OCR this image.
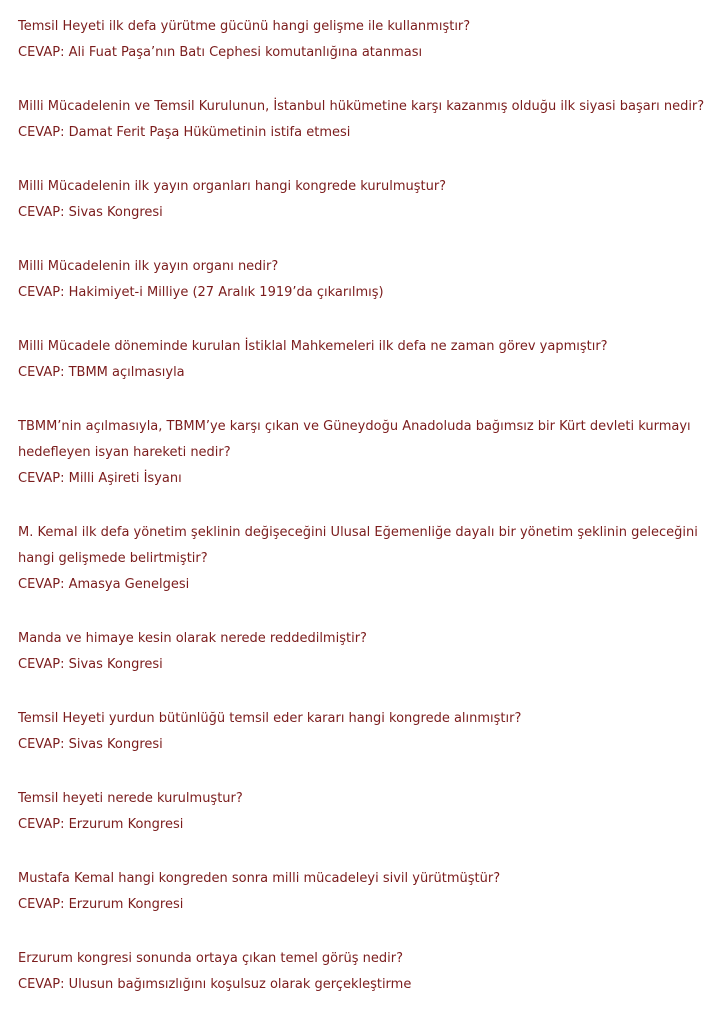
Temsil Heyeti ilk defa yürütme gücünü hangi gelişme ile kullanmıştır?
CEVAP: Ali Fuat Paşa’nın Batı Cephesi komutanlığına atanması
Milli Mücadelenin ve Temsil Kurulunun, İstanbul hükümetine karşı kazanmış olduğu ilk siyasi başarı nedir?
CEVAP: Damat Ferit Paşa Hükümetinin istifa etmesi
Milli Mücadelenin ilk yayın organları hangi kongrede kurulmuştur?
CEVAP: Sivas Kongresi
Milli Mücadelenin ilk yayın organı nedir?
CEVAP: Hakimiyet-i Milliye (27 Aralık 1919’da çıkarılmış)
Milli Mücadele döneminde kurulan İstiklal Mahkemeleri ilk defa ne zaman görev yapmıştır?
CEVAP: TBMM açılmasıyla
TBMM’nin açılmasıyla, TBMM’ye karşı çıkan ve Güneydoğu Anadoluda bağımsız bir Kürt devleti kurmayı hedefleyen isyan hareketi nedir?
CEVAP: Milli Aşireti İsyanı
M. Kemal ilk defa yönetim şeklinin değişeceğini Ulusal Eğemenliğe dayalı bir yönetim şeklinin geleceğini hangi gelişmede belirtmiştir?
CEVAP: Amasya Genelgesi
Manda ve himaye kesin olarak nerede reddedilmiştir?
CEVAP: Sivas Kongresi
Temsil Heyeti yurdun bütünlüğü temsil eder kararı hangi kongrede alınmıştır?
CEVAP: Sivas Kongresi
Temsil heyeti nerede kurulmuştur?
CEVAP: Erzurum Kongresi
Mustafa Kemal hangi kongreden sonra milli mücadeleyi sivil yürütmüştür?
CEVAP: Erzurum Kongresi
Erzurum kongresi sonunda ortaya çıkan temel görüş nedir?
CEVAP: Ulusun bağımsızlığını koşulsuz olarak gerçekleştirme
